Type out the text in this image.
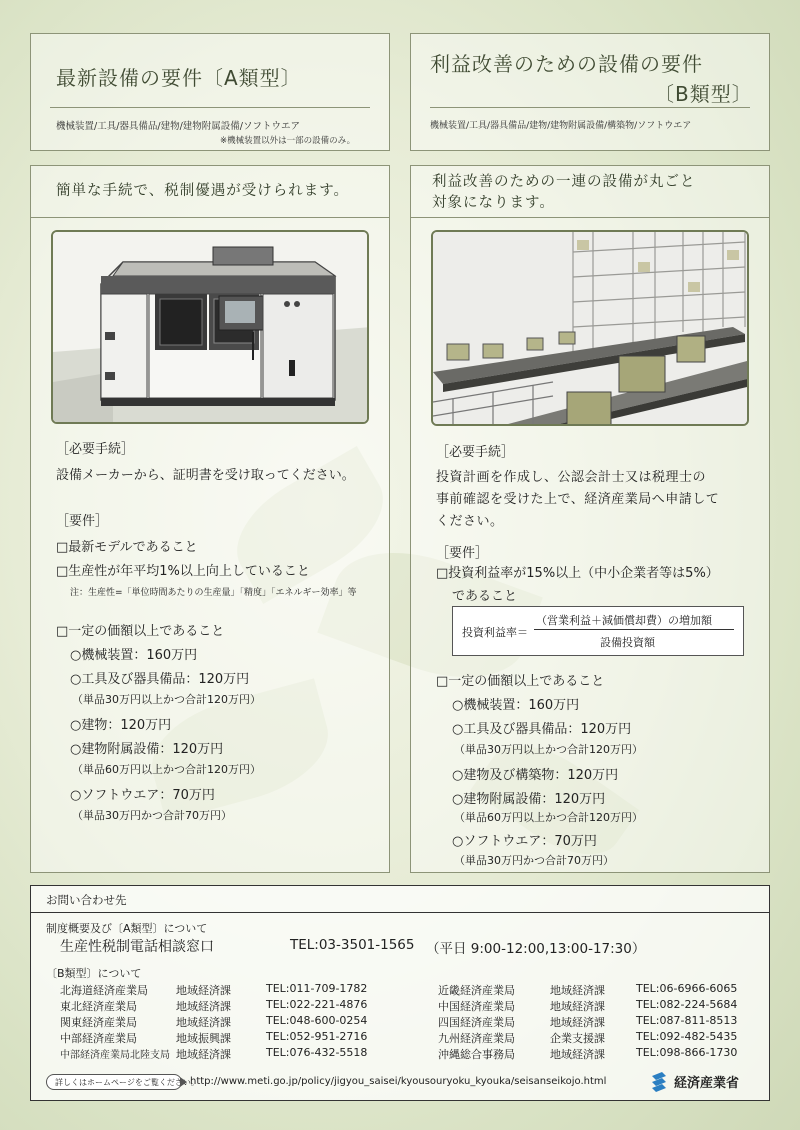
最新設備の要件〔A類型〕
機械装置/工具/器具備品/建物/建物附属設備/ソフトウエア
※機械装置以外は一部の設備のみ。
利益改善のための設備の要件
〔B類型〕
機械装置/工具/器具備品/建物/建物附属設備/構築物/ソフトウエア
簡単な手続で、税制優遇が受けられます。
［必要手続］
設備メーカーから、証明書を受け取ってください。
［要件］
□最新モデルであること
□生産性が年平均1%以上向上していること
注：生産性=「単位時間あたりの生産量」「精度」「エネルギー効率」等
□一定の価額以上であること
○機械装置：160万円
○工具及び器具備品：120万円
（単品30万円以上かつ合計120万円）
○建物：120万円
○建物附属設備：120万円
（単品60万円以上かつ合計120万円）
○ソフトウエア：70万円
（単品30万円かつ合計70万円）
利益改善のための一連の設備が丸ごと
対象になります。
［必要手続］
投資計画を作成し、公認会計士又は税理士の
事前確認を受けた上で、経済産業局へ申請して
ください。
［要件］
□投資利益率が15%以上（中小企業者等は5%）
であること
投資利益率＝
（営業利益＋減価償却費）の増加額
設備投資額
□一定の価額以上であること
○機械装置：160万円
○工具及び器具備品：120万円
（単品30万円以上かつ合計120万円）
○建物及び構築物：120万円
○建物附属設備：120万円
（単品60万円以上かつ合計120万円）
○ソフトウエア：70万円
（単品30万円かつ合計70万円）
お問い合わせ先
制度概要及び〔A類型〕について
生産性税制電話相談窓口	TEL:03-3501-1565 （平日 9:00-12:00,13:00-17:30）
〔B類型〕について
北海道経済産業局	地域経済課	TEL:011-709-1782
東北経済産業局	地域経済課	TEL:022-221-4876
関東経済産業局	地域経済課	TEL:048-600-0254
中部経済産業局	地域振興課	TEL:052-951-2716
中部経済産業局北陸支局 地域経済課	TEL:076-432-5518
近畿経済産業局	地域経済課	TEL:06-6966-6065
中国経済産業局	地域経済課	TEL:082-224-5684
四国経済産業局	地域経済課	TEL:087-811-8513
九州経済産業局	企業支援課	TEL:092-482-5435
沖縄総合事務局	地域経済課	TEL:098-866-1730
詳しくはホームページをご覧ください。
http://www.meti.go.jp/policy/jigyou_saisei/kyousouryoku_kyouka/seisanseikojo.html	経済産業省
